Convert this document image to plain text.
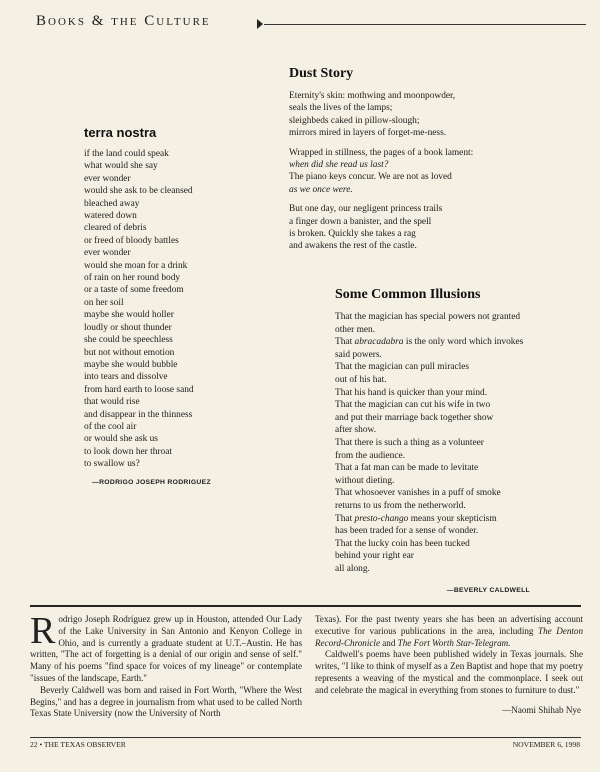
Books & the Culture
terra nostra
if the land could speak
what would she say
ever wonder
would she ask to be cleansed
bleached away
watered down
cleared of debris
or freed of bloody battles
ever wonder
would she moan for a drink
of rain on her round body
or a taste of some freedom
on her soil
maybe she would holler
loudly or shout thunder
she could be speechless
but not without emotion
maybe she would bubble
into tears and dissolve
from hard earth to loose sand
that would rise
and disappear in the thinness
of the cool air
or would she ask us
to look down her throat
to swallow us?
—RODRIGO JOSEPH RODRIGUEZ
Dust Story
Eternity's skin: mothwing and moonpowder,
seals the lives of the lamps;
sleighbeds caked in pillow-slough;
mirrors mired in layers of forget-me-ness.
Wrapped in stillness, the pages of a book lament:
when did she read us last?
The piano keys concur. We are not as loved
as we once were.
But one day, our negligent princess trails
a finger down a banister, and the spell
is broken. Quickly she takes a rag
and awakens the rest of the castle.
Some Common Illusions
That the magician has special powers not granted
other men.
That abracadabra is the only word which invokes
said powers.
That the magician can pull miracles
out of his hat.
That his hand is quicker than your mind.
That the magician can cut his wife in two
and put their marriage back together show
after show.
That there is such a thing as a volunteer
from the audience.
That a fat man can be made to levitate
without dieting.
That whosoever vanishes in a puff of smoke
returns to us from the netherworld.
That presto-chango means your skepticism
has been traded for a sense of wonder.
That the lucky coin has been tucked
behind your right ear
all along.
—BEVERLY CALDWELL

Rodrigo Joseph Rodríguez grew up in Houston, attended Our Lady of the Lake University in San Antonio and Kenyon College in Ohio, and is currently a graduate student at U.T.–Austin. He has written, "The act of forgetting is a denial of our origin and sense of self." Many of his poems "find space for voices of my lineage" or contemplate "issues of the landscape, Earth."

Beverly Caldwell was born and raised in Fort Worth, "Where the West Begins," and has a degree in journalism from what used to be called North Texas State University (now the University of North

Texas). For the past twenty years she has been an advertising account executive for various publications in the area, including The Denton Record-Chronicle and The Fort Worth Star-Telegram.

Caldwell's poems have been published widely in Texas journals. She writes, "I like to think of myself as a Zen Baptist and hope that my poetry represents a weaving of the mystical and the commonplace. I seek out and celebrate the magical in everything from stones to furniture to dust."

—Naomi Shihab Nye

22 • THE TEXAS OBSERVER	NOVEMBER 6, 1998
